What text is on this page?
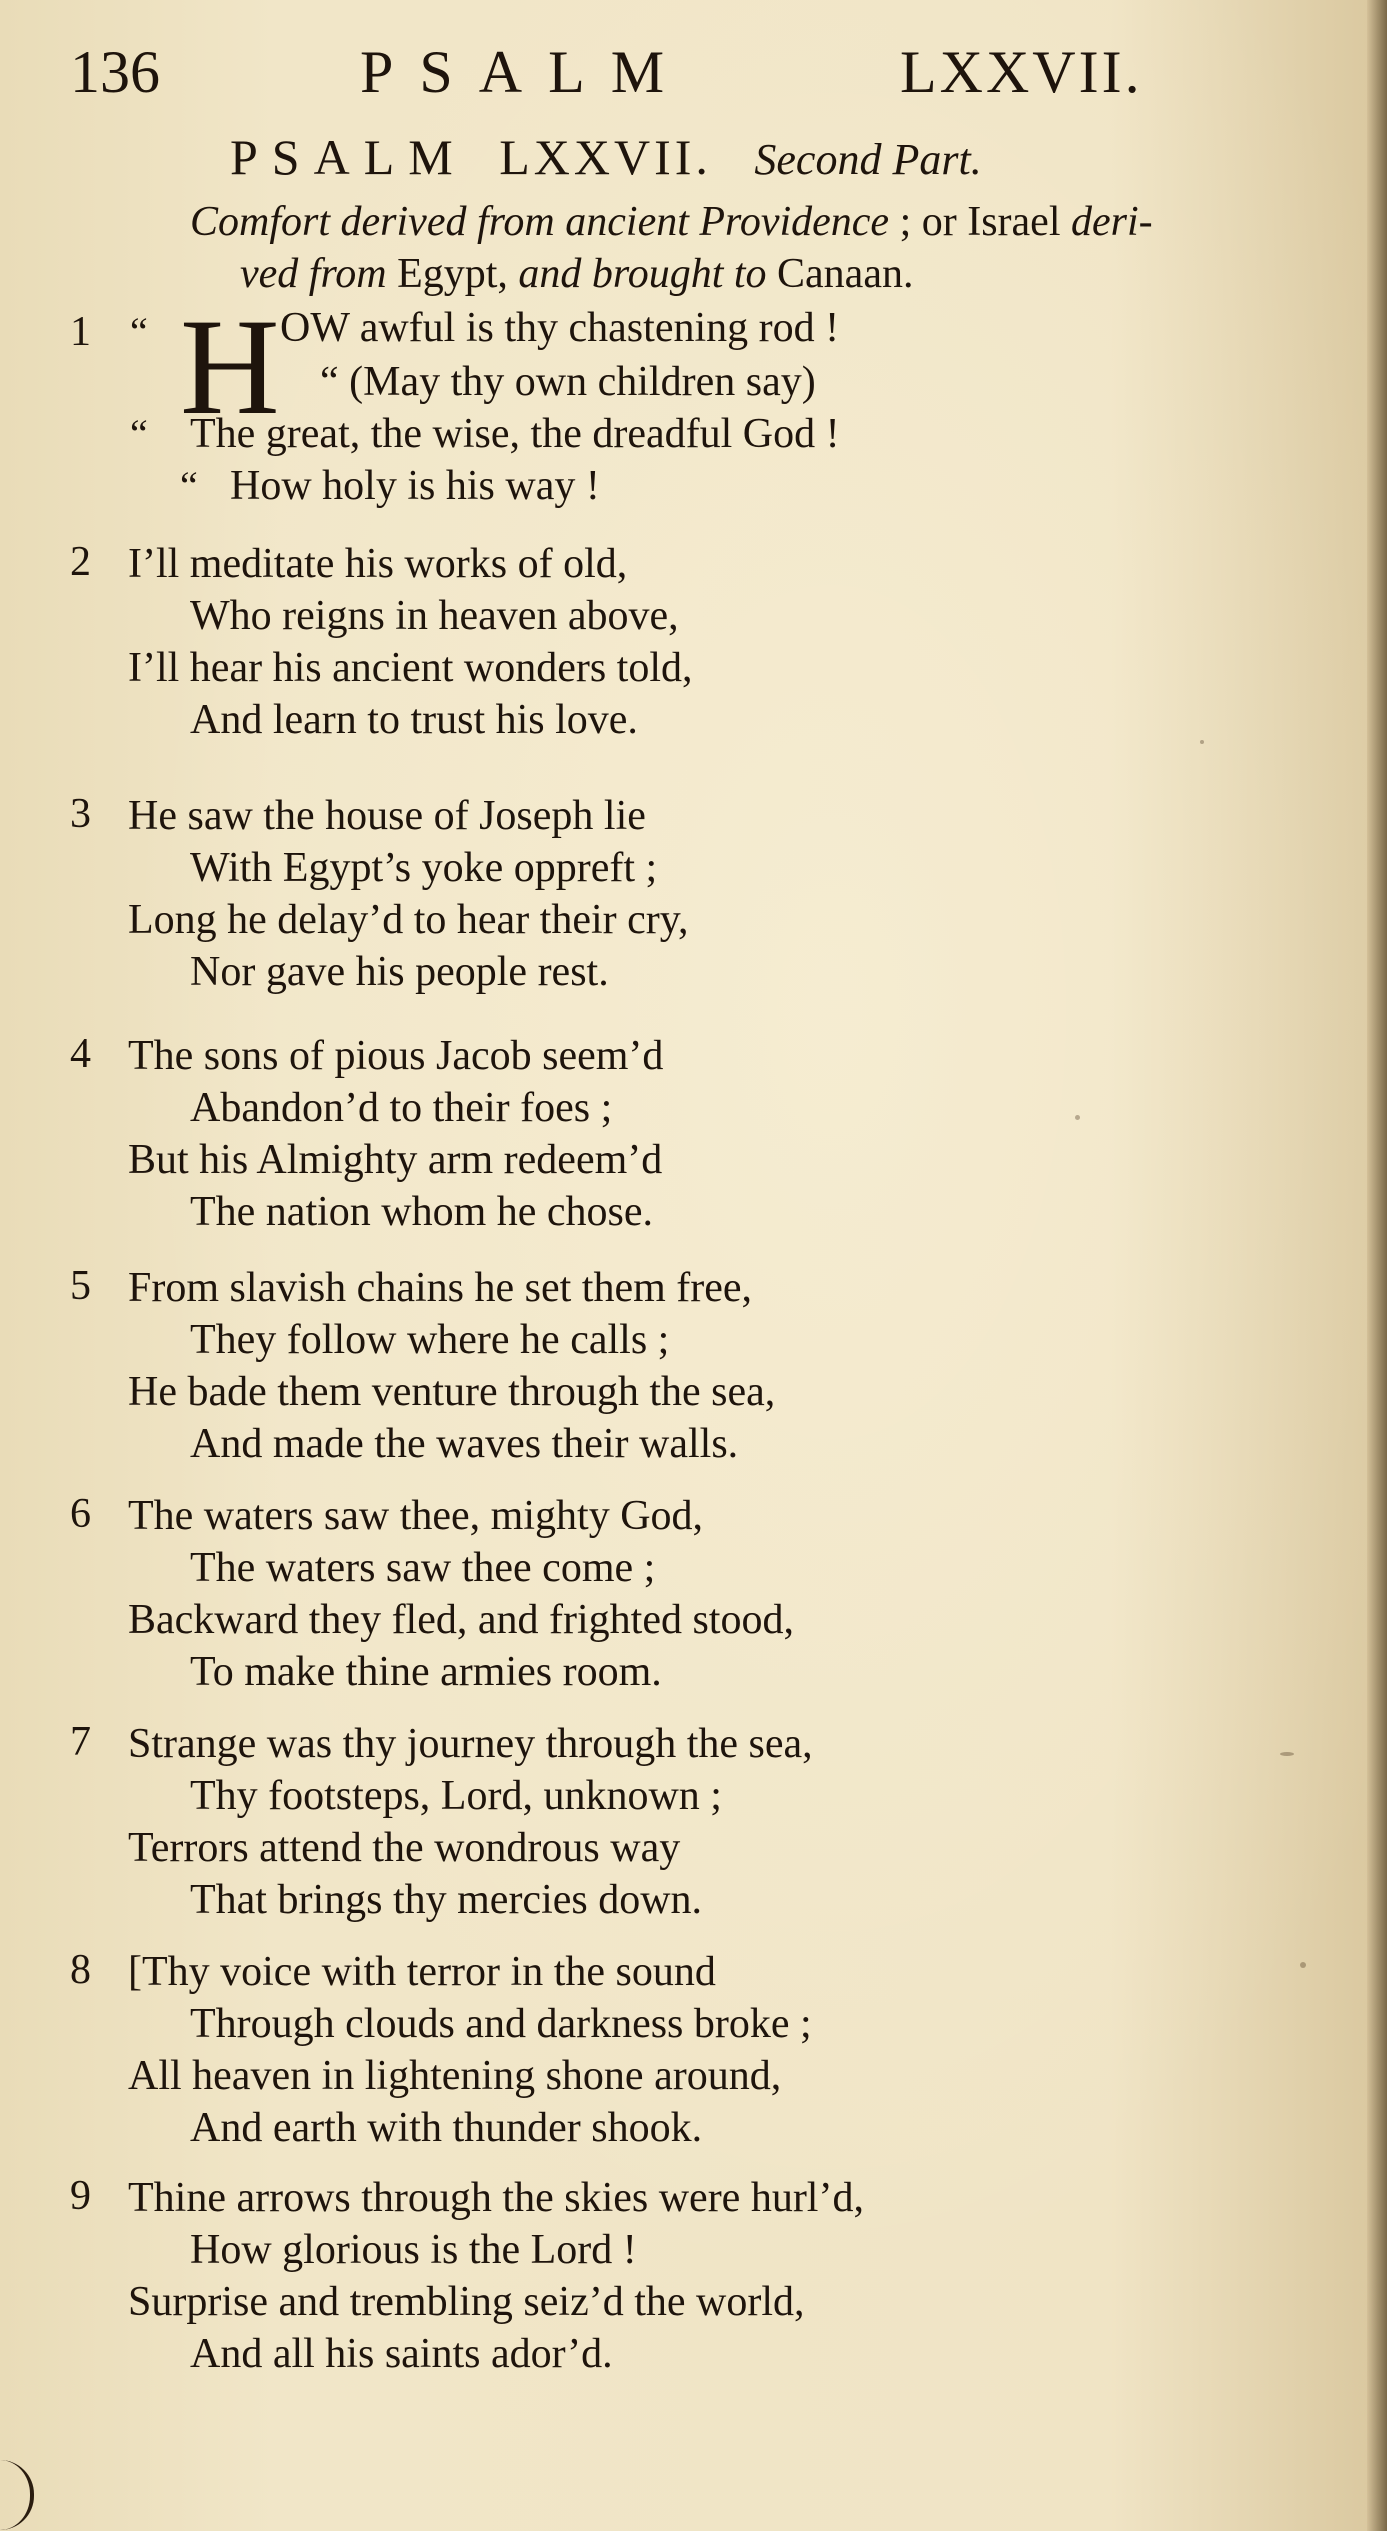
136	PSALM	LXXVII.
PSALM LXXVII. Second Part.
Comfort derived from ancient Providence ; or Israel deri-
ved from Egypt, and brought to Canaan.
1 “ H OW awful is thy chastening rod !
“ (May thy own children say)
“ The great, the wise, the dreadful God !
“ How holy is his way !
2 I’ll meditate his works of old,
Who reigns in heaven above,
I’ll hear his ancient wonders told,
And learn to trust his love.
3 He saw the house of Joseph lie
With Egypt’s yoke oppreft ;
Long he delay’d to hear their cry,
Nor gave his people rest.
4 The sons of pious Jacob seem’d
Abandon’d to their foes ;
But his Almighty arm redeem’d
The nation whom he chose.
5 From slavish chains he set them free,
They follow where he calls ;
He bade them venture through the sea,
And made the waves their walls.
6 The waters saw thee, mighty God,
The waters saw thee come ;
Backward they fled, and frighted stood,
To make thine armies room.
7 Strange was thy journey through the sea,
Thy footsteps, Lord, unknown ;
Terrors attend the wondrous way
That brings thy mercies down.
8 [Thy voice with terror in the sound
Through clouds and darkness broke ;
All heaven in lightening shone around,
And earth with thunder shook.
9 Thine arrows through the skies were hurl’d,
How glorious is the Lord !
Surprise and trembling seiz’d the world,
And all his saints ador’d.
